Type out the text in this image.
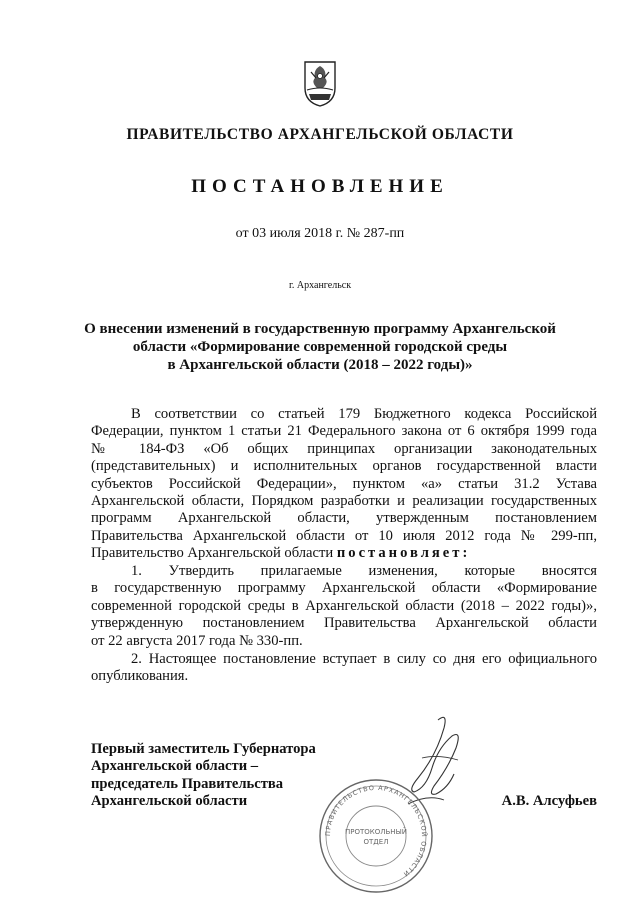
ПРАВИТЕЛЬСТВО АРХАНГЕЛЬСКОЙ ОБЛАСТИ
ПОСТАНОВЛЕНИЕ
от 03 июля 2018 г. № 287-пп
г. Архангельск
О внесении изменений в государственную программу Архангельской
области «Формирование современной городской среды
в Архангельской области (2018 – 2022 годы)»
В соответствии со статьей 179 Бюджетного кодекса Российской
Федерации, пунктом 1 статьи 21 Федерального закона от 6 октября 1999 года
№ 184-ФЗ «Об общих принципах организации законодательных
(представительных) и исполнительных органов государственной власти
субъектов Российской Федерации», пунктом «а» статьи 31.2 Устава
Архангельской области, Порядком разработки и реализации государственных
программ Архангельской области, утвержденным постановлением
Правительства Архангельской области от 10 июля 2012 года № 299-пп,
Правительство Архангельской области постановляет:
1. Утвердить прилагаемые изменения, которые вносятся
в государственную программу Архангельской области «Формирование
современной городской среды в Архангельской области (2018 – 2022 годы)»,
утвержденную постановлением Правительства Архангельской области
от 22 августа 2017 года № 330-пп.
2. Настоящее постановление вступает в силу со дня его официального
опубликования.
Первый заместитель Губернатора
Архангельской области –
председатель Правительства
Архангельской области	А.В. Алсуфьев
ПРАВИТЕЛЬСТВО АРХАНГЕЛЬСКОЙ ОБЛАСТИ
ПРОТОКОЛЬНЫЙ
ОТДЕЛ
